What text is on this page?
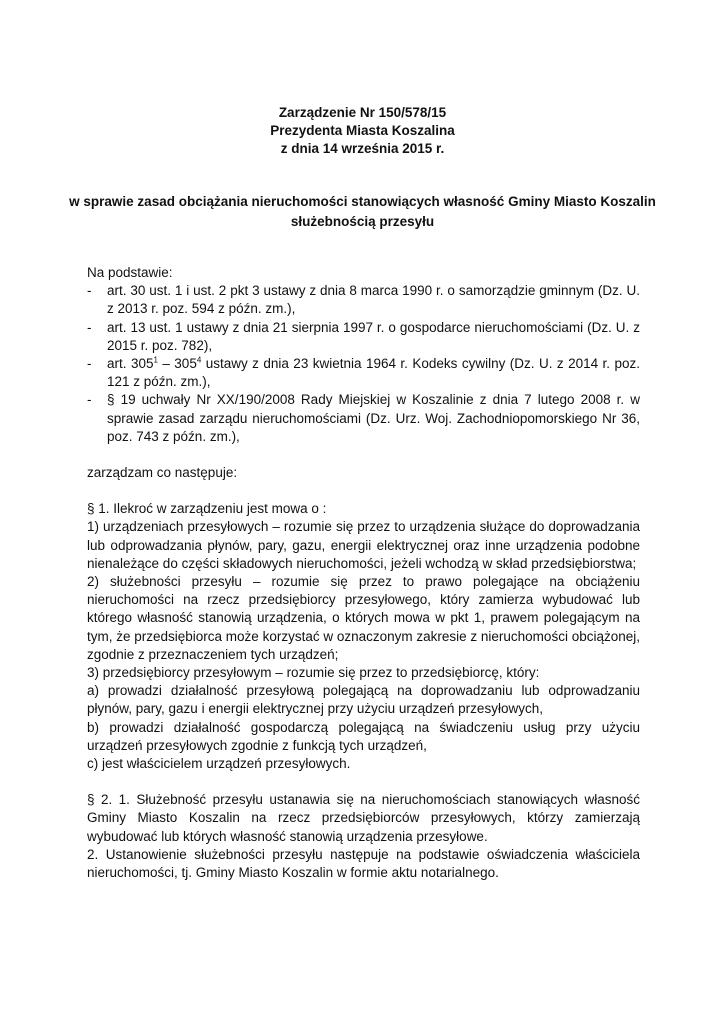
Zarządzenie Nr 150/578/15
Prezydenta Miasta Koszalina
z dnia 14 września 2015 r.
w sprawie zasad obciążania nieruchomości stanowiących własność Gminy Miasto Koszalin
służebnością przesyłu

Na podstawie:

- art. 30 ust. 1 i ust. 2 pkt 3 ustawy z dnia 8 marca 1990 r. o samorządzie gminnym (Dz. U. z 2013 r. poz. 594 z późn. zm.),
- art. 13 ust. 1 ustawy z dnia 21 sierpnia 1997 r. o gospodarce nieruchomościami (Dz. U. z 2015 r. poz. 782),
- art. $305^1 - 305^4$ ustawy z dnia 23 kwietnia 1964 r. Kodeks cywilny (Dz. U. z 2014 r. poz. 121 z późn. zm.),
- § 19 uchwały Nr XX/190/2008 Rady Miejskiej w Koszalinie z dnia 7 lutego 2008 r. w sprawie zasad zarządu nieruchomościami (Dz. Urz. Woj. Zachodniopomorskiego Nr 36, poz. 743 z późn. zm.),

zarządzam co następuje:

§ 1. Ilekroć w zarządzeniu jest mowa o :

1) urządzeniach przesyłowych – rozumie się przez to urządzenia służące do doprowadzania lub odprowadzania płynów, pary, gazu, energii elektrycznej oraz inne urządzenia podobne nienależące do części składowych nieruchomości, jeżeli wchodzą w skład przedsiębiorstwa;

2) służebności przesyłu – rozumie się przez to prawo polegające na obciążeniu nieruchomości na rzecz przedsiębiorcy przesyłowego, który zamierza wybudować lub którego własność stanowią urządzenia, o których mowa w pkt 1, prawem polegającym na tym, że przedsiębiorca może korzystać w oznaczonym zakresie z nieruchomości obciążonej, zgodnie z przeznaczeniem tych urządzeń;

3) przedsiębiorcy przesyłowym – rozumie się przez to przedsiębiorcę, który:

a) prowadzi działalność przesyłową polegającą na doprowadzaniu lub odprowadzaniu płynów, pary, gazu i energii elektrycznej przy użyciu urządzeń przesyłowych,

b) prowadzi działalność gospodarczą polegającą na świadczeniu usług przy użyciu urządzeń przesyłowych zgodnie z funkcją tych urządzeń,

c) jest właścicielem urządzeń przesyłowych.

§ 2. 1. Służebność przesyłu ustanawia się na nieruchomościach stanowiących własność Gminy Miasto Koszalin na rzecz przedsiębiorców przesyłowych, którzy zamierzają wybudować lub których własność stanowią urządzenia przesyłowe.

2. Ustanowienie służebności przesyłu następuje na podstawie oświadczenia właściciela nieruchomości, tj. Gminy Miasto Koszalin w formie aktu notarialnego.
